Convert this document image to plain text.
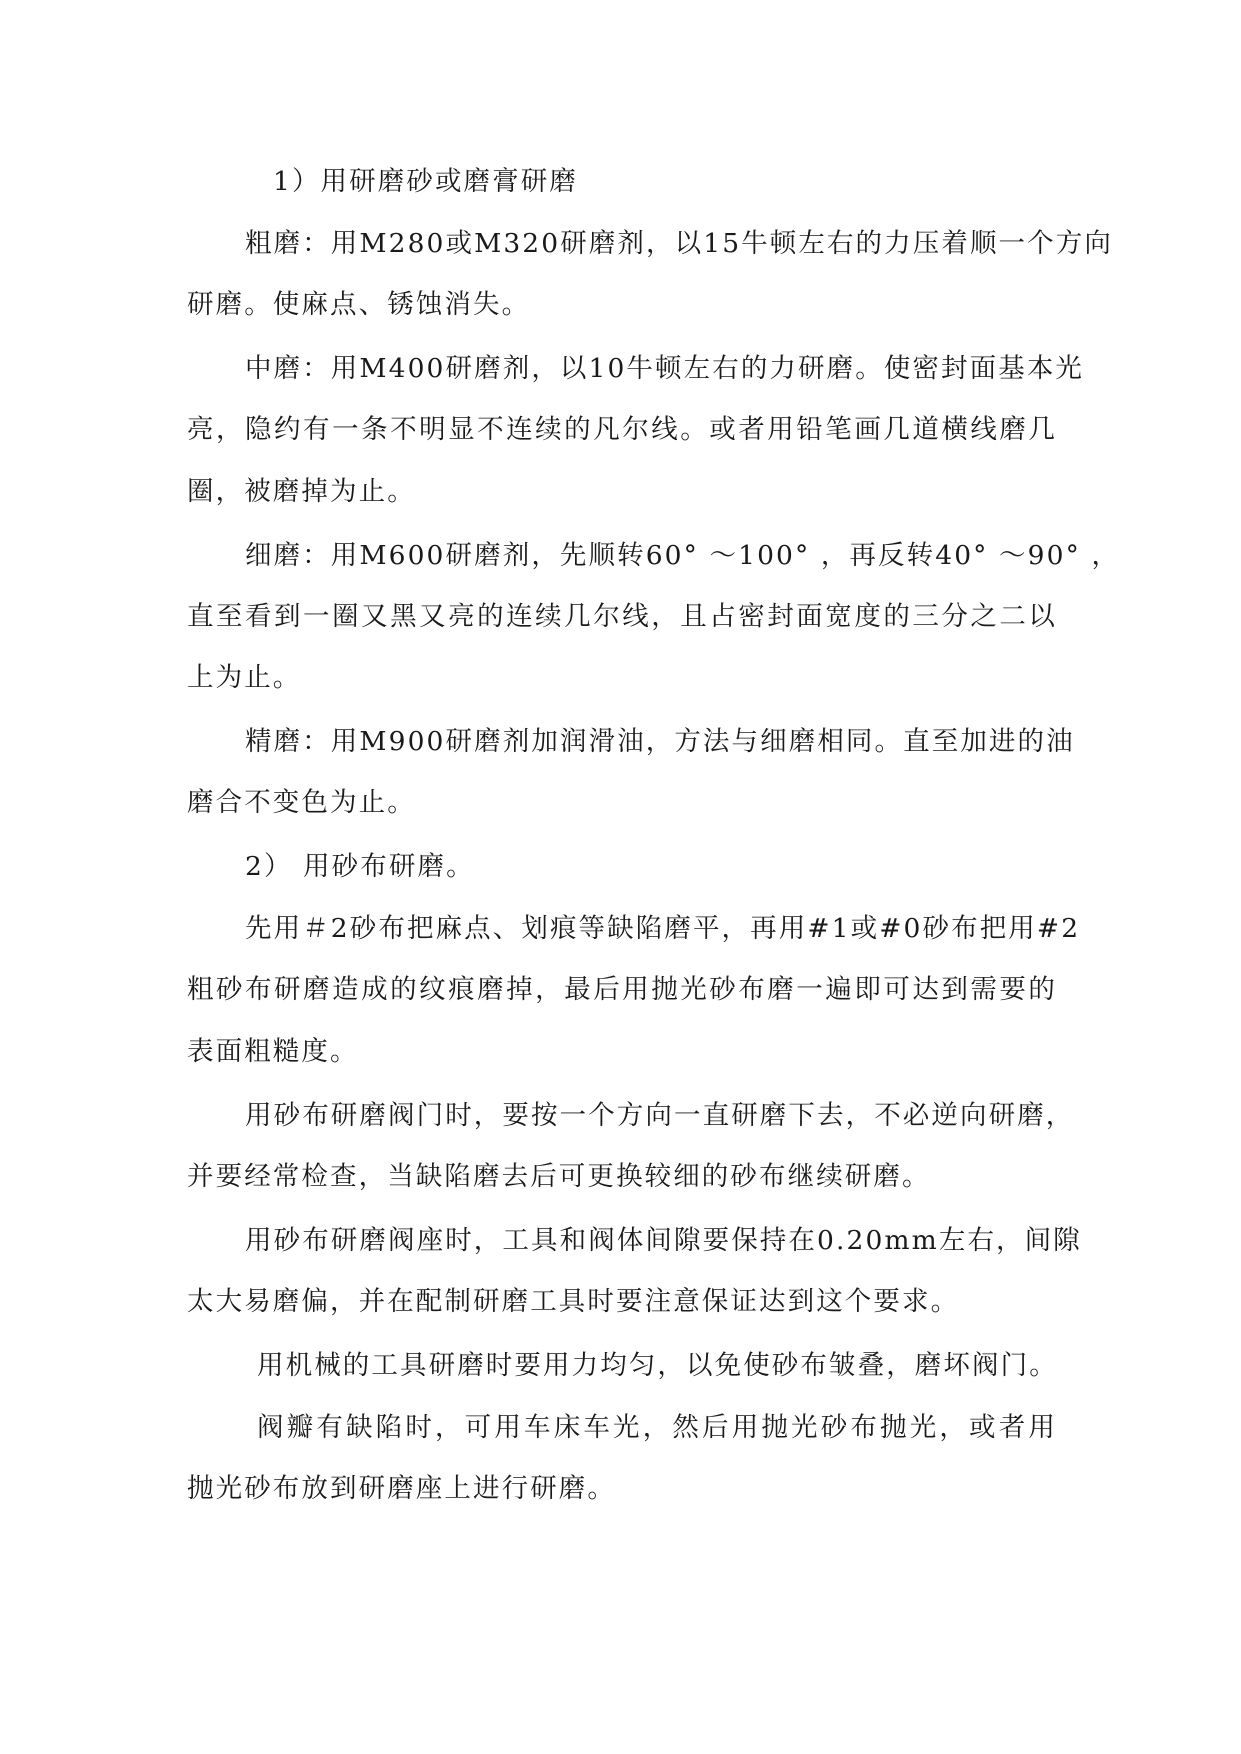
1）用研磨砂或磨膏研磨
粗磨：用M280或M320研磨剂，以15牛顿左右的力压着顺一个方向
研磨。使麻点、锈蚀消失。
中磨：用M400研磨剂，以10牛顿左右的力研磨。使密封面基本光
亮，隐约有一条不明显不连续的凡尔线。或者用铅笔画几道横线磨几
圈，被磨掉为止。
细磨：用M600研磨剂，先顺转60° ～100° ，再反转40° ～90° ，
直至看到一圈又黑又亮的连续几尔线，且占密封面宽度的三分之二以
上为止。
精磨：用M900研磨剂加润滑油，方法与细磨相同。直至加进的油
磨合不变色为止。
2） 用砂布研磨。
先用＃2砂布把麻点、划痕等缺陷磨平，再用#1或#0砂布把用#2
粗砂布研磨造成的纹痕磨掉，最后用抛光砂布磨一遍即可达到需要的
表面粗糙度。
用砂布研磨阀门时，要按一个方向一直研磨下去，不必逆向研磨，
并要经常检查，当缺陷磨去后可更换较细的砂布继续研磨。
用砂布研磨阀座时，工具和阀体间隙要保持在0.20mm左右，间隙
太大易磨偏，并在配制研磨工具时要注意保证达到这个要求。
用机械的工具研磨时要用力均匀，以免使砂布皱叠，磨坏阀门。
阀瓣有缺陷时，可用车床车光，然后用抛光砂布抛光，或者用
抛光砂布放到研磨座上进行研磨。
